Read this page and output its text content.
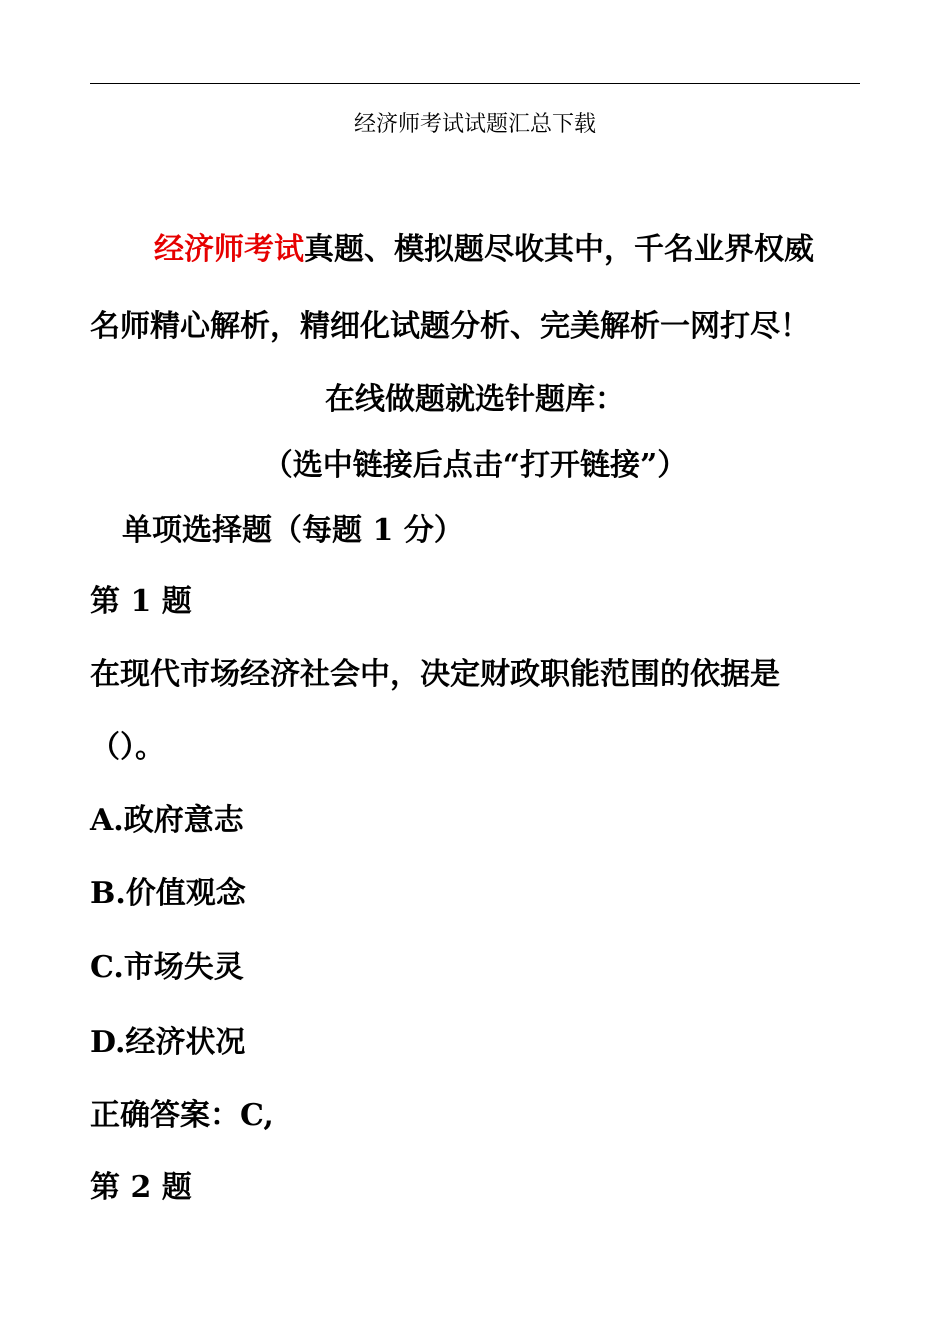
经济师考试试题汇总下载
经济师考试真题、模拟题尽收其中，千名业界权威
名师精心解析，精细化试题分析、完美解析一网打尽！
在线做题就选针题库：
（选中链接后点击“打开链接”）
单项选择题（每题 1 分）
第 1 题
在现代市场经济社会中，决定财政职能范围的依据是
（）。
A.政府意志
B.价值观念
C.市场失灵
D.经济状况
正确答案：C,
第 2 题
